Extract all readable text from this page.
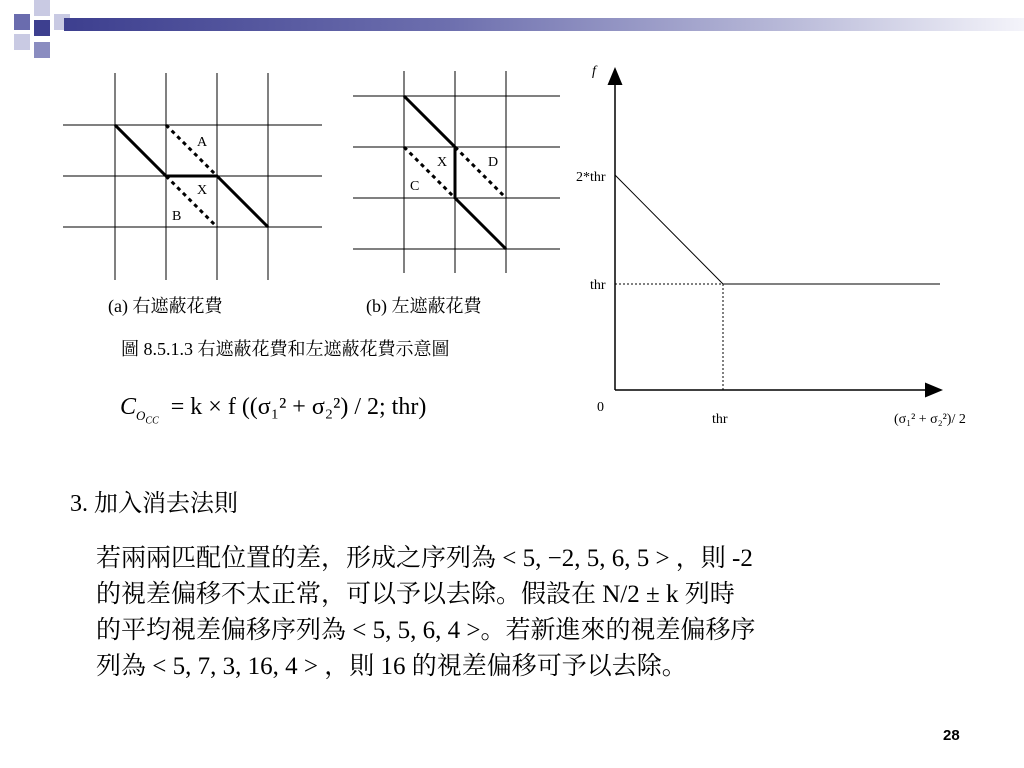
A
X
B
(a) 右遮蔽花費
X	D
C
(b) 左遮蔽花費
圖 8.5.1.3 右遮蔽花費和左遮蔽花費示意圖
$C_{O_{CC}} = k \times f$ ((σ₁² + σ₂²) / 2; thr)
f
2*thr
thr
0
thr	(σ₁² + σ₂²)/ 2
3. 加入消去法則
若兩兩匹配位置的差，形成之序列為 < 5, −2, 5, 6, 5 > ，則 -2
的視差偏移不太正常，可以予以去除。假設在 N/2 ± k 列時
的平均視差偏移序列為 < 5, 5, 6, 4 >。若新進來的視差偏移序
列為 < 5, 7, 3, 16, 4 > ，則 16 的視差偏移可予以去除。
28
